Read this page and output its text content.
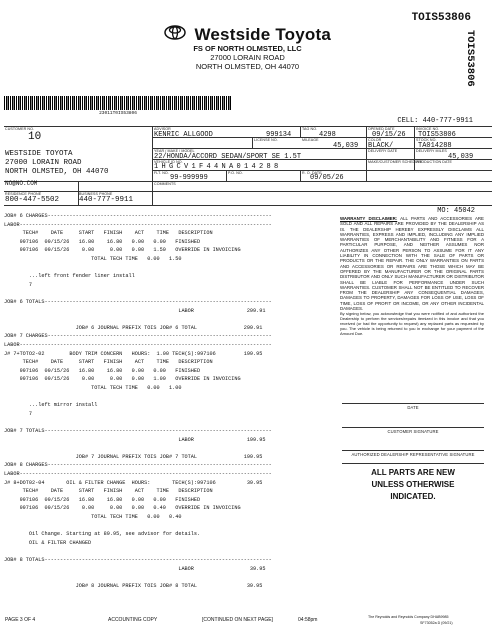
TOIS53806
Westside Toyota
FS OF NORTH OLMSTED, LLC
27000 LORAIN ROAD
NORTH OLMSTED, OH 44070	TOIS53806
23011T0IS53806
CELL: 440-777-9911
CUSTOMER NO.
10
WESTSIDE TOYOTA
27000 LORAIN ROAD
NORTH OLMSTED, OH 44070
NO@NO.COM
RESIDENCE PHONE
800-447-5502
BUSINESS PHONE
440-777-9911
ADVISOR
KENRIC ALLGOOD	999134
TAG NO.
4298
OPENED DATE
09/15/26
INVOICE NO.
TOIS53806
LICENSE NO.	MILEAGE
45,039
COLOR
BLACK/
STOCK NO.
TA014288
YEAR / MAKE / MODEL
22/HONDA/ACCORD SEDAN/SPORT SE 1.5T
DELIVERY DATE	DELIVERY MILES
45,039
VEHICLE ID NO.
1HGCV1F44NA014288
MAKE/CUSTOMER SCHEDULE
PRODUCTION DATE
FLT. NO.
99-999999
P.O. NO.	R. O. DATE
09/05/26
COMMENTS
MO: 45042
JOB# 6 CHARGES------------------------------------------------------------------------
LABOR---------------------------------------------------------------------------------
TECH#    DATE     START   FINISH    ACT    TIME   DESCRIPTION
997106  09/15/26   16.80    16.80   0.00   0.00   FINISHED
997106  09/15/26    0.00     0.00   0.00   1.50   OVERRIDE IN INVOICING
TOTAL TECH TIME   0.00   1.50
...left front fender liner install
7
JOB# 6 TOTALS-------------------------------------------------------------------------
LABOR                 299.91
JOB# 6 JOURNAL PREFIX TOIS JOB# 6 TOTAL               299.91
JOB# 7 CHARGES------------------------------------------------------------------------
LABOR---------------------------------------------------------------------------------
J# 7+TOTO2-02        BODY TRIM CONCERN   HOURS:  1.00 TECH(S):997106         199.95
TECH#    DATE     START   FINISH    ACT    TIME   DESCRIPTION
997106  09/15/26   16.80    16.80   0.00   0.00   FINISHED
997106  09/15/26    0.00     0.00   0.00   1.00   OVERRIDE IN INVOICING
TOTAL TECH TIME   0.00   1.00
...left mirror install
7
JOB# 7 TOTALS-------------------------------------------------------------------------
LABOR                 199.95
JOB# 7 JOURNAL PREFIX TOIS JOB# 7 TOTAL               199.95
JOB# 8 CHARGES------------------------------------------------------------------------
LABOR---------------------------------------------------------------------------------
J# 8+DOT02-04       OIL & FILTER CHANGE  HOURS:       TECH(S):997106          39.95
TECH#    DATE     START   FINISH    ACT    TIME   DESCRIPTION
997106  09/15/26   16.80    16.80   0.00   0.00   FINISHED
997106  09/15/26    0.00     0.00   0.00   0.40   OVERRIDE IN INVOICING
TOTAL TECH TIME   0.00   0.40
Oil Change. Starting at 89.95, see advisor for details.
OIL & FILTER CHANGED
JOB# 8 TOTALS-------------------------------------------------------------------------
LABOR                  39.95
JOB# 8 JOURNAL PREFIX TOIS JOB# 8 TOTAL                39.95
WARRANTY DISCLAIMER: ALL PARTS AND ACCESSORIES ARE SOLD AND ALL REPAIRS ARE PROVIDED BY THE DEALERSHIP AS IS. THE DEALERSHIP HEREBY EXPRESSLY DISCLAIMS ALL WARRANTIES, EXPRESS AND IMPLIED, INCLUDING ANY IMPLIED WARRANTIES OF MERCHANTABILITY AND FITNESS FOR A PARTICULAR PURPOSE, AND NEITHER ASSUMES NOR AUTHORIZES ANY OTHER PERSON TO ASSUME FOR IT ANY LIABILITY IN CONNECTION WITH THE SALE OF PARTS OR PRODUCTS OR THE REPAIR. THE ONLY WARRANTIES ON PARTS AND ACCESSORIES OR REPAIRS ARE THOSE WHICH MAY BE OFFERED BY THE MANUFACTURER OR THE ORIGINAL PARTS DISTRIBUTOR AND ONLY SUCH MANUFACTURER OR DISTRIBUTOR SHALL BE LIABLE FOR PERFORMANCE UNDER SUCH WARRANTIES. CUSTOMER SHALL NOT BE ENTITLED TO RECOVER FROM THE DEALERSHIP ANY CONSEQUENTIAL DAMAGES, DAMAGES TO PROPERTY, DAMAGES FOR LOSS OF USE, LOSS OF TIME, LOSS OF PROFIT OR INCOME, OR ANY OTHER INCIDENTAL DAMAGES.
By signing below, you acknowledge that you were notified of and authorized the Dealership to perform the services/repairs itemized in this invoice and that you received (or had the opportunity to request) any replaced parts as requested by you. The vehicle is being returned to you in exchange for your payment of the Amount Due.
DATE
CUSTOMER SIGNATURE
AUTHORIZED DEALERSHIP REPRESENTATIVE SIGNATURE
ALL PARTS ARE NEW UNLESS OTHERWISE INDICATED.
PAGE 3 OF 4	ACCOUNTING COPY	[CONTINUED ON NEXT PAGE]	04:58pm	The Reynolds and Reynolds Company DHAB9985
SF73052a D (09/21)
